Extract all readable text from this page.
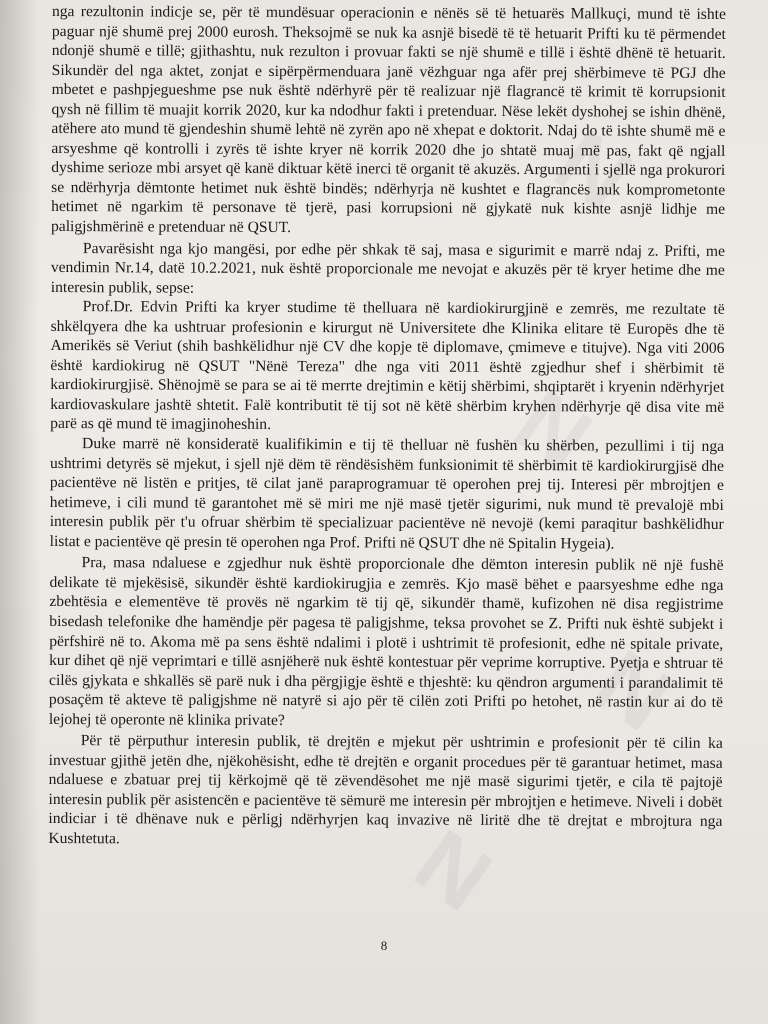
N
N
N
N

nga rezultonin indicje se, për të mundësuar operacionin e nënës së të hetuarës Mallkuçi, mund të ishte paguar një shumë prej 2000 eurosh. Theksojmë se nuk ka asnjë bisedë të të hetuarit Prifti ku të përmendet ndonjë shumë e tillë; gjithashtu, nuk rezulton i provuar fakti se një shumë e tillë i është dhënë të hetuarit. Sikundër del nga aktet, zonjat e sipërpërmenduara janë vëzhguar nga afër prej shërbimeve të PGJ dhe mbetet e pashpjegueshme pse nuk është ndërhyrë për të realizuar një flagrancë të krimit të korrupsionit qysh në fillim të muajit korrik 2020, kur ka ndodhur fakti i pretenduar. Nëse lekët dyshohej se ishin dhënë, atëhere ato mund të gjendeshin shumë lehtë në zyrën apo në xhepat e doktorit. Ndaj do të ishte shumë më e arsyeshme që kontrolli i zyrës të ishte kryer në korrik 2020 dhe jo shtatë muaj më pas, fakt që ngjall dyshime serioze mbi arsyet që kanë diktuar këtë inerci të organit të akuzës. Argumenti i sjellë nga prokurori se ndërhyrja dëmtonte hetimet nuk është bindës; ndërhyrja në kushtet e flagrancës nuk komprometonte hetimet në ngarkim të personave të tjerë, pasi korrupsioni në gjykatë nuk kishte asnjë lidhje me paligjshmërinë e pretenduar në QSUT.

Pavarësisht nga kjo mangësi, por edhe për shkak të saj, masa e sigurimit e marrë ndaj z. Prifti, me vendimin Nr.14, datë 10.2.2021, nuk është proporcionale me nevojat e akuzës për të kryer hetime dhe me interesin publik, sepse:

Prof.Dr. Edvin Prifti ka kryer studime të thelluara në kardiokirurgjinë e zemrës, me rezultate të shkëlqyera dhe ka ushtruar profesionin e kirurgut në Universitete dhe Klinika elitare të Europës dhe të Amerikës së Veriut (shih bashkëlidhur një CV dhe kopje të diplomave, çmimeve e titujve). Nga viti 2006 është kardiokirug në QSUT "Nënë Tereza" dhe nga viti 2011 është zgjedhur shef i shërbimit të kardiokirurgjisë. Shënojmë se para se ai të merrte drejtimin e këtij shërbimi, shqiptarët i kryenin ndërhyrjet kardiovaskulare jashtë shtetit. Falë kontributit të tij sot në këtë shërbim kryhen ndërhyrje që disa vite më parë as që mund të imagjinoheshin.

Duke marrë në konsideratë kualifikimin e tij të thelluar në fushën ku shërben, pezullimi i tij nga ushtrimi detyrës së mjekut, i sjell një dëm të rëndësishëm funksionimit të shërbimit të kardiokirurgjisë dhe pacientëve në listën e pritjes, të cilat janë paraprogramuar të operohen prej tij. Interesi për mbrojtjen e hetimeve, i cili mund të garantohet më së miri me një masë tjetër sigurimi, nuk mund të prevalojë mbi interesin publik për t'u ofruar shërbim të specializuar pacientëve në nevojë (kemi paraqitur bashkëlidhur listat e pacientëve që presin të operohen nga Prof. Prifti në QSUT dhe në Spitalin Hygeia).

Pra, masa ndaluese e zgjedhur nuk është proporcionale dhe dëmton interesin publik në një fushë delikate të mjekësisë, sikundër është kardiokirugjia e zemrës. Kjo masë bëhet e paarsyeshme edhe nga zbehtësia e elementëve të provës në ngarkim të tij që, sikundër thamë, kufizohen në disa regjistrime bisedash telefonike dhe hamëndje për pagesa të paligjshme, teksa provohet se Z. Prifti nuk është subjekt i përfshirë në to. Akoma më pa sens është ndalimi i plotë i ushtrimit të profesionit, edhe në spitale private, kur dihet që një veprimtari e tillë asnjëherë nuk është kontestuar për veprime korruptive. Pyetja e shtruar të cilës gjykata e shkallës së parë nuk i dha përgjigje është e thjeshtë: ku qëndron argumenti i parandalimit të posaçëm të akteve të paligjshme në natyrë si ajo për të cilën zoti Prifti po hetohet, në rastin kur ai do të lejohej të operonte në klinika private?

Për të përputhur interesin publik, të drejtën e mjekut për ushtrimin e profesionit për të cilin ka investuar gjithë jetën dhe, njëkohësisht, edhe të drejtën e organit procedues për të garantuar hetimet, masa ndaluese e zbatuar prej tij kërkojmë që të zëvendësohet me një masë sigurimi tjetër, e cila të pajtojë interesin publik për asistencën e pacientëve të sëmurë me interesin për mbrojtjen e hetimeve. Niveli i dobët indiciar i të dhënave nuk e përligj ndërhyrjen kaq invazive në liritë dhe të drejtat e mbrojtura nga Kushtetuta.

8
